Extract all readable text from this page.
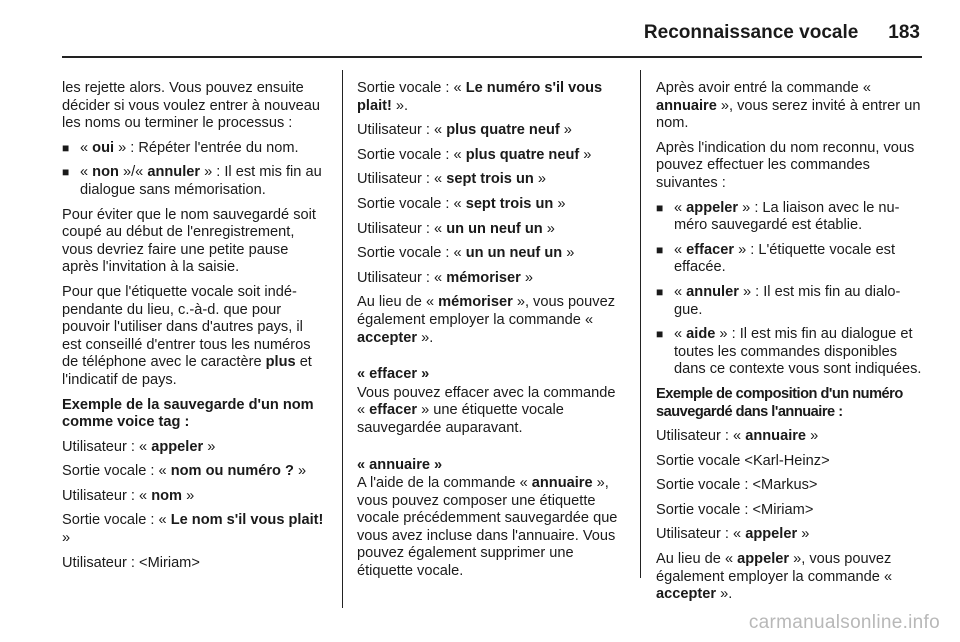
Reconnaissance vocale 183

les rejette alors. Vous pouvez ensuite décider si vous voulez entrer à nouveau les noms ou terminer le processus :

■ « oui » : Répéter l'entrée du nom.
■ « non »/« annuler » : Il est mis fin au dialogue sans mémorisation.

Pour éviter que le nom sauvegardé soit coupé au début de l'enregistrement, vous devriez faire une petite pause après l'invitation à la saisie.

Pour que l'étiquette vocale soit indépendante du lieu, c.-à-d. que pour pouvoir l'utiliser dans d'autres pays, il est conseillé d'entrer tous les numéros de téléphone avec le caractère plus et l'indicatif de pays.

Exemple de la sauvegarde d'un nom comme voice tag :

Utilisateur : « appeler »

Sortie vocale : « nom ou numéro ? »

Utilisateur : « nom »

Sortie vocale : « Le nom s'il vous plait! »

Utilisateur : <Miriam>

Sortie vocale : « Le numéro s'il vous plait! ».

Utilisateur : « plus quatre neuf »

Sortie vocale : « plus quatre neuf »

Utilisateur : « sept trois un »

Sortie vocale : « sept trois un »

Utilisateur : « un un neuf un »

Sortie vocale : « un un neuf un »

Utilisateur : « mémoriser »

Au lieu de « mémoriser », vous pouvez également employer la commande « accepter ».

« effacer »

Vous pouvez effacer avec la commande « effacer » une étiquette vocale sauvegardée auparavant.

« annuaire »

A l'aide de la commande « annuaire », vous pouvez composer une étiquette vocale précédemment sauvegardée que vous avez incluse dans l'annuaire. Vous pouvez également supprimer une étiquette vocale.

Après avoir entré la commande « annuaire », vous serez invité à entrer un nom.

Après l'indication du nom reconnu, vous pouvez effectuer les commandes suivantes :

■ « appeler » : La liaison avec le numéro sauvegardé est établie.
■ « effacer » : L'étiquette vocale est effacée.
■ « annuler » : Il est mis fin au dialogue.
■ « aide » : Il est mis fin au dialogue et toutes les commandes disponibles dans ce contexte vous sont indiquées.

Exemple de composition d'un numéro sauvegardé dans l'annuaire :

Utilisateur : « annuaire »

Sortie vocale <Karl-Heinz>

Sortie vocale : <Markus>

Sortie vocale : <Miriam>

Utilisateur : « appeler »

Au lieu de « appeler », vous pouvez également employer la commande « accepter ».

carmanualsonline.info
